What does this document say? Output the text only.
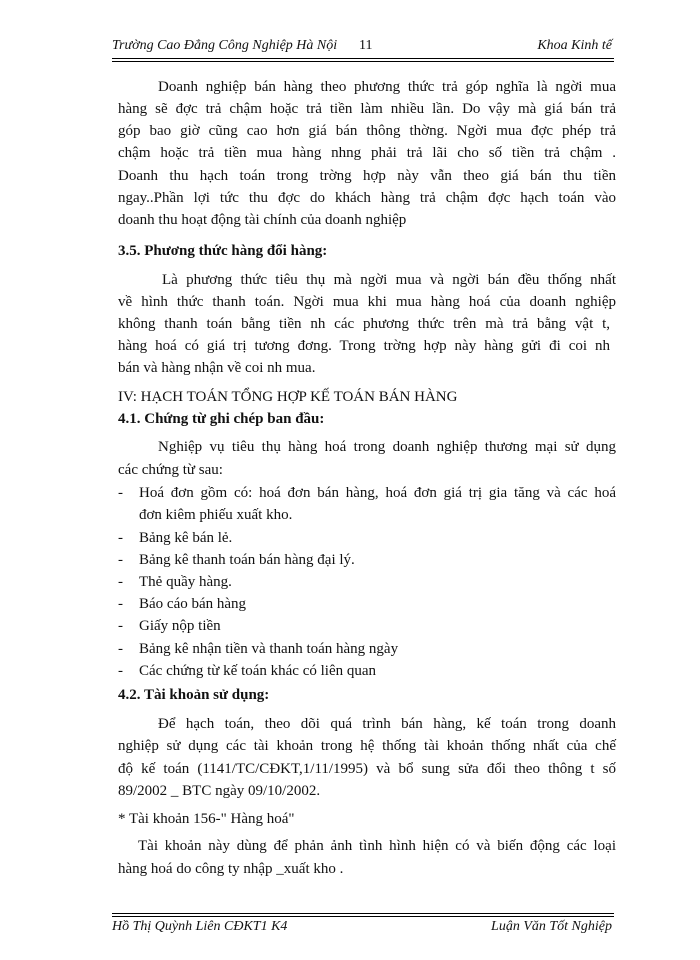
Trường Cao Đẳng Công Nghiệp Hà Nội 11	Khoa Kinh tế
Doanh nghiệp bán hàng theo phương thức trả góp nghĩa là ngời mua
hàng sẽ đợc trả chậm hoặc trả tiền làm nhiều lần. Do vậy mà giá bán trả
góp bao giờ cũng cao hơn giá bán thông thờng. Ngời mua đợc phép trả
chậm hoặc trả tiền mua hàng nhng phải trả lãi cho số tiền trả chậm .
Doanh thu hạch toán trong trờng hợp này vẫn theo giá bán thu tiền
ngay..Phần lợi tức thu đợc do khách hàng trả chậm đợc hạch toán vào
doanh thu hoạt động tài chính của doanh nghiệp
3.5. Phương thức hàng đổi hàng:
Là phương thức tiêu thụ mà ngời mua và ngời bán đều thống nhất
về hình thức thanh toán. Ngời mua khi mua hàng hoá của doanh nghiệp
không thanh toán bằng tiền nh các phương thức trên mà trả bằng vật t,
hàng hoá có giá trị tương đơng. Trong trờng hợp này hàng gửi đi coi nh
bán và hàng nhận về coi nh mua.
IV: HẠCH TOÁN TỔNG HỢP KẾ TOÁN BÁN HÀNG
4.1. Chứng từ ghi chép ban đầu:
Nghiệp vụ tiêu thụ hàng hoá trong doanh nghiệp thương mại sử dụng
các chứng từ sau:
- Hoá đơn gồm có: hoá đơn bán hàng, hoá đơn giá trị gia tăng và các hoá
đơn kiêm phiếu xuất kho.
- Bảng kê bán lẻ.
- Bảng kê thanh toán bán hàng đại lý.
- Thẻ quầy hàng.
- Báo cáo bán hàng
- Giấy nộp tiền
- Bảng kê nhận tiền và thanh toán hàng ngày
- Các chứng từ kế toán khác có liên quan
4.2. Tài khoản sử dụng:
Để hạch toán, theo dõi quá trình bán hàng, kế toán trong doanh
nghiệp sử dụng các tài khoản trong hệ thống tài khoản thống nhất của chế
độ kế toán (1141/TC/CĐKT,1/11/1995) và bổ sung sửa đổi theo thông t số
89/2002 _ BTC ngày 09/10/2002.
* Tài khoản 156-" Hàng hoá"
Tài khoản này dùng để phản ảnh tình hình hiện có và biến động các loại
hàng hoá do công ty nhập _xuất kho .
Hồ Thị Quỳnh Liên CĐKT1 K4	Luận Văn Tốt Nghiệp
